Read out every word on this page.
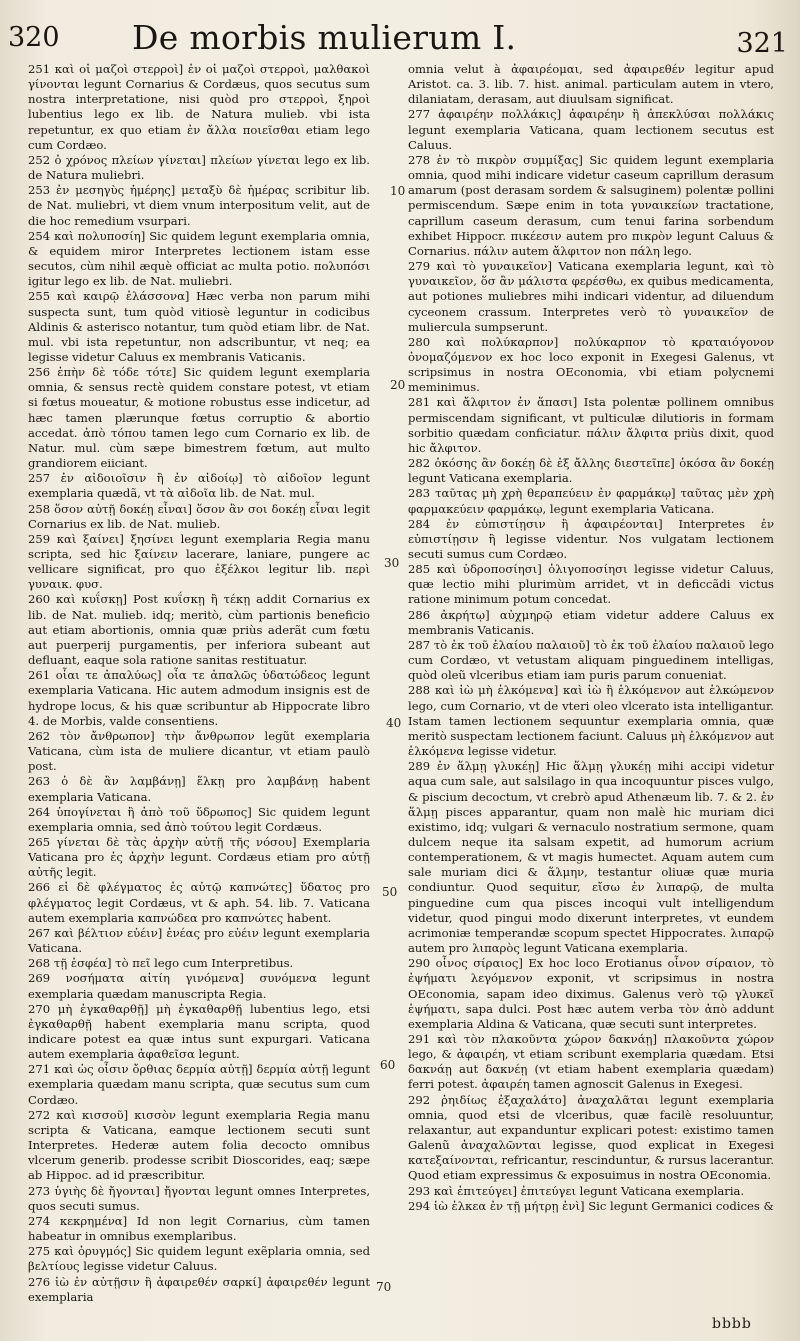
320 De morbis mulierum I.	321

251 καὶ οἱ μαζοὶ στερροὶ] ἐν οἱ μαζοὶ στερροὶ, μαλθακοὶ γίνονται legunt Cornarius & Cordæus, quos secutus sum nostra interpretatione, nisi quòd pro στερροὶ, ξηροὶ lubentius lego ex lib. de Natura mulieb. vbi ista repetuntur, ex quo etiam ἐν ἄλλα ποιεῖσθαι etiam lego cum Cordæo.

252 ὁ χρόνος πλείων γίνεται] πλείων γίνεται lego ex lib. de Natura muliebri.

253 ἐν μεσηγὺς ἡμέρης] μεταξὺ δὲ ἡμέρας scribitur lib. de Nat. muliebri, vt diem vnum interpositum velit, aut de die hoc remedium vsurpari.

254 καὶ πολυποσίη] Sic quidem legunt exemplaria omnia, & equidem miror Interpretes lectionem istam esse secutos, cùm nihil æquè officiat ac multa potio. πολυπόσι igitur lego ex lib. de Nat. muliebri.

255 καὶ καιρῷ ἐλάσσονα] Hæc verba non parum mihi suspecta sunt, tum quòd vitiosè leguntur in codicibus Aldinis & asterisco notantur, tum quòd etiam libr. de Nat. mul. vbi ista repetuntur, non adscribuntur, vt neq; ea legisse videtur Caluus ex membranis Vaticanis.

256 ἐπὴν δὲ τόδε τότε] Sic quidem legunt exemplaria omnia, & sensus rectè quidem constare potest, vt etiam si fœtus moueatur, & motione robustus esse indicetur, ad hæc tamen plærunque fœtus corruptio & abortio accedat. ἀπὸ τόπου tamen lego cum Cornario ex lib. de Natur. mul. cùm sæpe bimestrem fœtum, aut multo grandiorem eiiciant.

257 ἐν αἰδοιοῖσιν ἢ ἐν αἰδοίῳ] τὸ αἰδοῖον legunt exemplaria quædã, vt τὰ αἰδοῖα lib. de Nat. mul.

258 ὅσον αὐτῇ δοκέῃ εἶναι] ὅσον ἂν σοι δοκέῃ εἶναι legit Cornarius ex lib. de Nat. mulieb.

259 καὶ ξαίνει] ξησίνει legunt exemplaria Regia manu scripta, sed hic ξαίνειν lacerare, laniare, pungere ac vellicare significat, pro quo ἐξέλκοι legitur lib. περὶ γυναικ. φυσ.

260 καὶ κυΐσκῃ] Post κυΐσκῃ ἢ τέκῃ addit Cornarius ex lib. de Nat. mulieb. idq; meritò, cùm partionis beneficio aut etiam abortionis, omnia quæ priùs aderãt cum fœtu aut puerperij purgamentis, per inferiora subeant aut defluant, eaque sola ratione sanitas restituatur.

261 οἷαι τε ἀπαλύως] οἷα τε ἀπαλῶς ὑδατώδεος legunt exemplaria Vaticana. Hic autem admodum insignis est de hydrope locus, & his quæ scribuntur ab Hippocrate libro 4. de Morbis, valde consentiens.

262 τὸν ἄνθρωπον] τὴν ἄνθρωπον legũt exemplaria Vaticana, cùm ista de muliere dicantur, vt etiam paulò post.

263 ὁ δὲ ἂν λαμβάνῃ] ἕλκῃ pro λαμβάνῃ habent exemplaria Vaticana.

264 ὑπογίνεται ἢ ἀπὸ τοῦ ὕδρωπος] Sic quidem legunt exemplaria omnia, sed ἀπὸ τούτου legit Cordæus.

265 γίνεται δὲ τὰς ἀρχὴν αὐτῇ τῆς νόσου] Exemplaria Vaticana pro ἐς ἀρχὴν legunt. Cordæus etiam pro αὐτῇ αὐτῆς legit.

266 εἰ δὲ φλέγματος ἐς αὐτῷ καπνώτες] ὕδατος pro φλέγματος legit Cordæus, vt & aph. 54. lib. 7. Vaticana autem exemplaria καπνώδεα pro καπνώτες habent.

267 καὶ βέλτιον εὐέιν] ἐνέας pro εὐέιν legunt exemplaria Vaticana.

268 τῇ ἐσφέα] τὸ πεῖ lego cum Interpretibus.

269 νοσήματα αἰτίη γινόμενα] συνόμενα legunt exemplaria quædam manuscripta Regia.

270 μὴ ἐγκαθαρθῇ] μὴ ἐγκαθαρθῇ lubentius lego, etsi ἐγκαθαρθῇ habent exemplaria manu scripta, quod indicare potest ea quæ intus sunt expurgari. Vaticana autem exemplaria ἀφαθεῖσα legunt.

271 καὶ ὡς οἷσιν ὄρθιας δερμία αὐτῇ] δερμία αὐτῇ legunt exemplaria quædam manu scripta, quæ secutus sum cum Cordæo.

272 καὶ κισσοῦ] κισσὸν legunt exemplaria Regia manu scripta & Vaticana, eamque lectionem secuti sunt Interpretes. Hederæ autem folia decocto omnibus vlcerum generib. prodesse scribit Dioscorides, eaq; sæpe ab Hippoc. ad id præscribitur.

273 ὑγιὴς δὲ ἤγονται] ἤγονται legunt omnes Interpretes, quos secuti sumus.

274 κεκρημένα] Id non legit Cornarius, cùm tamen habeatur in omnibus exemplaribus.

275 καὶ ὁρυγμός] Sic quidem legunt exẽplaria omnia, sed βελτίους legisse videtur Caluus.

276 ἰὼ ἐν αὐτῇσιν ἢ ἀφαιρεθέν σαρκί] ἀφαιρεθέν legunt exemplaria

omnia velut à ἀφαιρέομαι, sed ἀφαιρεθέν legitur apud Aristot. ca. 3. lib. 7. hist. animal. particulam autem in vtero, dilaniatam, derasam, aut diuulsam significat.

277 ἀφαιρέην πολλάκις] ἀφαιρέην ἢ ἀπεκλύσαι πολλάκις legunt exemplaria Vaticana, quam lectionem secutus est Caluus.

278 ἐν τὸ πικρὸν συμμίξας] Sic quidem legunt exemplaria omnia, quod mihi indicare videtur caseum caprillum derasum amarum (post derasam sordem & salsuginem) polentæ pollini permiscendum. Sæpe enim in tota γυναικείων tractatione, caprillum caseum derasum, cum tenui farina sorbendum exhibet Hippocr. πικέεσιν autem pro πικρὸν legunt Caluus & Cornarius. πάλιν autem ἄλφιτον non πάλη lego.

279 καὶ τὸ γυναικεῖον] Vaticana exemplaria legunt, καὶ τὸ γυναικεῖον, ὅσ ἂν μάλιστα φερέσθω, ex quibus medicamenta, aut potiones muliebres mihi indicari videntur, ad diluendum cyceonem crassum. Interpretes verò τὸ γυναικεῖον de muliercula sumpserunt.

280 καὶ πολύκαρπον] πολύκαρπον τὸ κραταιόγονον ὀνομαζόμενον ex hoc loco exponit in Exegesi Galenus, vt scripsimus in nostra OEconomia, vbi etiam polycnemi meminimus.

281 καὶ ἄλφιτον ἐν ἅπασι] Ista polentæ pollinem omnibus permiscendam significant, vt pulticulæ dilutioris in formam sorbitio quædam conficiatur. πάλιν ἄλφιτα priùs dixit, quod hic ἄλφιτον.

282 ὀκόσης ἂν δοκέῃ δὲ ἐξ ἄλλης διεστεῖπε] ὁκόσα ἂν δοκέῃ legunt Vaticana exemplaria.

283 ταῦτας μὴ χρὴ θεραπεύειν ἐν φαρμάκῳ] ταῦτας μὲν χρὴ φαρμακεύειν φαρμάκῳ, legunt exemplaria Vaticana.

284 ἐν εὐπιστίῃσιν ἢ ἀφαιρέονται] Interpretes ἐν εὐπιστίῃσιν ἢ legisse videntur. Nos vulgatam lectionem secuti sumus cum Cordæo.

285 καὶ ὑδροποσίησι] ὀλιγοποσίησι legisse videtur Caluus, quæ lectio mihi plurimùm arridet, vt in deficcãdi victus ratione minimum potum concedat.

286 ἀκρήτῳ] αὐχμηρῷ etiam videtur addere Caluus ex membranis Vaticanis.

287 τὸ ἐκ τοῦ ἐλαίου παλαιοῦ] τὸ ἐκ τοῦ ἐλαίου παλαιοῦ lego cum Cordæo, vt vetustam aliquam pinguedinem intelligas, quòd oleũ vlceribus etiam iam puris parum conueniat.

288 καὶ ἰὼ μὴ ἑλκόμενα] καὶ ἰὼ ἢ ἑλκόμενον aut ἑλκώμενον lego, cum Cornario, vt de vteri oleo vlcerato ista intelligantur. Istam tamen lectionem sequuntur exemplaria omnia, quæ meritò suspectam lectionem faciunt. Caluus μὴ ἑλκόμενον aut ἑλκόμενα legisse videtur.

289 ἐν ἅλμῃ γλυκέῃ] Hic ἅλμῃ γλυκέῃ mihi accipi videtur aqua cum sale, aut salsilago in qua incoquuntur pisces vulgo, & piscium decoctum, vt crebrò apud Athenæum lib. 7. & 2. ἐν ἅλμῃ pisces apparantur, quam non malè hic muriam dici existimo, idq; vulgari & vernaculo nostratium sermone, quam dulcem neque ita salsam expetit, ad humorum acrium contemperationem, & vt magis humectet. Aquam autem cum sale muriam dici & ἅλμην, testantur oliuæ quæ muria condiuntur. Quod sequitur, εἴσω ἐν λιπαρῷ, de multa pinguedine cum qua pisces incoqui vult intelligendum videtur, quod pingui modo dixerunt interpretes, vt eundem acrimoniæ temperandæ scopum spectet Hippocrates. λιπαρῷ autem pro λιπαρὸς legunt Vaticana exemplaria.

290 οἶνος σίραιος] Ex hoc loco Erotianus οἶνον σίραιον, τὸ ἐψήματι λεγόμενον exponit, vt scripsimus in nostra OEconomia, sapam ideo diximus. Galenus verò τῷ γλυκεῖ ἑψήματι, sapa dulci. Post hæc autem verba τὸν ἀπὸ addunt exemplaria Aldina & Vaticana, quæ secuti sunt interpretes.

291 καὶ τὸν πλακοῦντα χώρον δακνάῃ] πλακοῦντα χώρον lego, & ἀφαιρέη, vt etiam scribunt exemplaria quædam. Etsi δακνάῃ aut δακνέῃ (vt etiam habent exemplaria quædam) ferri potest. ἀφαιρέη tamen agnoscit Galenus in Exegesi.

292 ῥηιδίως ἐξαχαλάτο] ἀναχαλᾶται legunt exemplaria omnia, quod etsi de vlceribus, quæ facilè resoluuntur, relaxantur, aut expanduntur explicari potest: existimo tamen Galenũ ἀναχαλῶνται legisse, quod explicat in Exegesi κατεξαίνονται, refricantur, rescinduntur, & rursus lacerantur. Quod etiam expressimus & exposuimus in nostra OEconomia.

293 καὶ ἐπιτεύγει] ἐπιτεύγει legunt Vaticana exemplaria.

294 ἰὼ ἑλκεα ἐν τῇ μήτρῃ ἐνὶ] Sic legunt Germanici codices &

10
20
30
40
50
60
70
bbbb
